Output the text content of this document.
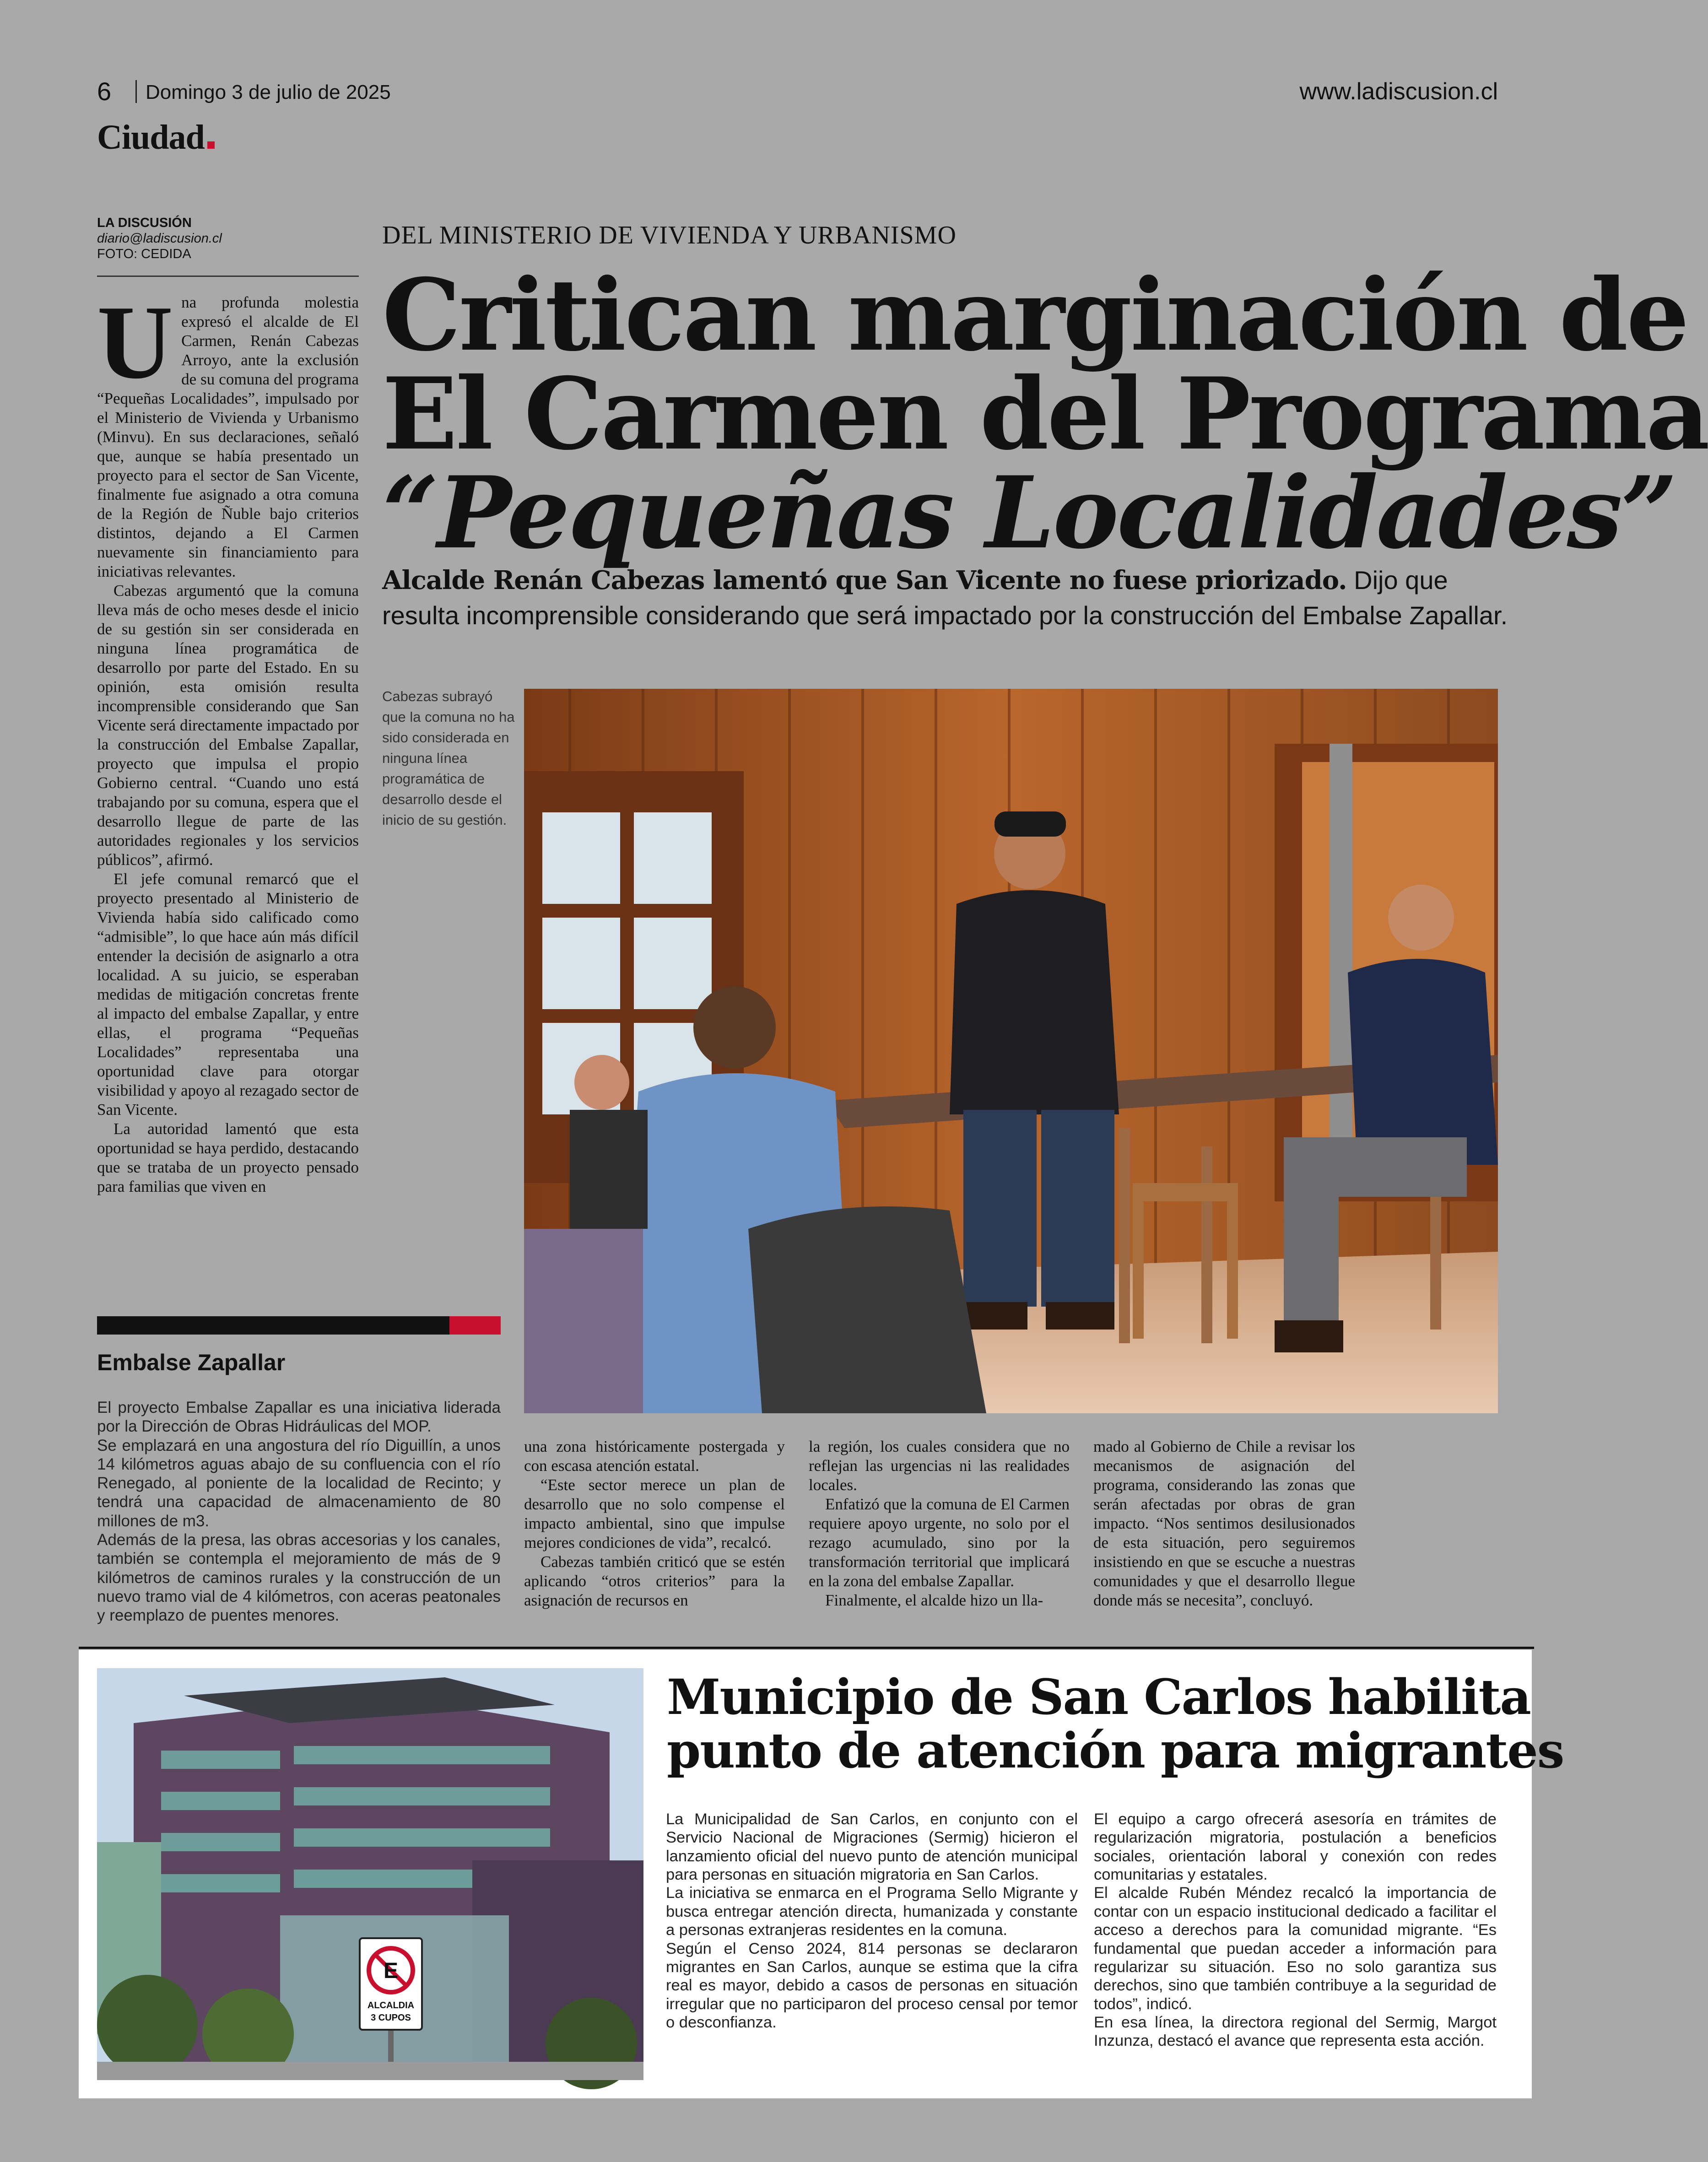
6 Domingo 3 de julio de 2025	www.ladiscusion.cl
Ciudad
LA DISCUSIÓN
diario@ladiscusion.cl
FOTO: CEDIDA

Una profunda molestia expresó el alcalde de El Carmen, Renán Cabezas Arroyo, ante la exclusión de su comuna del programa “Pequeñas Localidades”, impulsado por el Ministerio de Vivienda y Urbanismo (Minvu). En sus declaraciones, señaló que, aunque se había presentado un proyecto para el sector de San Vicente, finalmente fue asignado a otra comuna de la Región de Ñuble bajo criterios distintos, dejando a El Carmen nuevamente sin financiamiento para iniciativas relevantes.

Cabezas argumentó que la comuna lleva más de ocho meses desde el inicio de su gestión sin ser considerada en ninguna línea programática de desarrollo por parte del Estado. En su opinión, esta omisión resulta incomprensible considerando que San Vicente será directamente impactado por la construcción del Embalse Zapallar, proyecto que impulsa el propio Gobierno central. “Cuando uno está trabajando por su comuna, espera que el desarrollo llegue de parte de las autoridades regionales y los servicios públicos”, afirmó.

El jefe comunal remarcó que el proyecto presentado al Ministerio de Vivienda había sido calificado como “admisible”, lo que hace aún más difícil entender la decisión de asignarlo a otra localidad. A su juicio, se esperaban medidas de mitigación concretas frente al impacto del embalse Zapallar, y entre ellas, el programa “Pequeñas Localidades” representaba una oportunidad clave para otorgar visibilidad y apoyo al rezagado sector de San Vicente.

La autoridad lamentó que esta oportunidad se haya perdido, destacando que se trataba de un proyecto pensado para familias que viven en

DEL MINISTERIO DE VIVIENDA Y URBANISMO
Critican marginación de
El Carmen del Programa
“Pequeñas Localidades”
Alcalde Renán Cabezas lamentó que San Vicente no fuese priorizado. Dijo que resulta incomprensible considerando que será impactado por la construcción del Embalse Zapallar.
Cabezas subrayó que la comuna no ha sido considerada en ninguna línea programática de desarrollo desde el inicio de su gestión.

una zona históricamente postergada y con escasa atención estatal.

“Este sector merece un plan de desarrollo que no solo compense el impacto ambiental, sino que impulse mejores condiciones de vida”, recalcó.

Cabezas también criticó que se estén aplicando “otros criterios” para la asignación de recursos en

la región, los cuales considera que no reflejan las urgencias ni las realidades locales.

Enfatizó que la comuna de El Carmen requiere apoyo urgente, no solo por el rezago acumulado, sino por la transformación territorial que implicará en la zona del embalse Zapallar.

Finalmente, el alcalde hizo un lla-

mado al Gobierno de Chile a revisar los mecanismos de asignación del programa, considerando las zonas que serán afectadas por obras de gran impacto. “Nos sentimos desilusionados de esta situación, pero seguiremos insistiendo en que se escuche a nuestras comunidades y que el desarrollo llegue donde más se necesita”, concluyó.

Embalse Zapallar

El proyecto Embalse Zapallar es una iniciativa liderada por la Dirección de Obras Hidráulicas del MOP.

Se emplazará en una angostura del río Diguillín, a unos 14 kilómetros aguas abajo de su confluencia con el río Renegado, al poniente de la localidad de Recinto; y tendrá una capacidad de almacenamiento de 80 millones de m3.

Además de la presa, las obras accesorias y los canales, también se contempla el mejoramiento de más de 9 kilómetros de caminos rurales y la construcción de un nuevo tramo vial de 4 kilómetros, con aceras peatonales y reemplazo de puentes menores.

E
ALCALDIA
3 CUPOS
Municipio de San Carlos habilita
punto de atención para migrantes

La Municipalidad de San Carlos, en conjunto con el Servicio Nacional de Migraciones (Sermig) hicieron el lanzamiento oficial del nuevo punto de atención municipal para personas en situación migratoria en San Carlos.

La iniciativa se enmarca en el Programa Sello Migrante y busca entregar atención directa, humanizada y constante a personas extranjeras residentes en la comuna.

Según el Censo 2024, 814 personas se declararon migrantes en San Carlos, aunque se estima que la cifra real es mayor, debido a casos de personas en situación irregular que no participaron del proceso censal por temor o desconfianza.

El equipo a cargo ofrecerá asesoría en trámites de regularización migratoria, postulación a beneficios sociales, orientación laboral y conexión con redes comunitarias y estatales.

El alcalde Rubén Méndez recalcó la importancia de contar con un espacio institucional dedicado a facilitar el acceso a derechos para la comunidad migrante. “Es fundamental que puedan acceder a información para regularizar su situación. Eso no solo garantiza sus derechos, sino que también contribuye a la seguridad de todos”, indicó.

En esa línea, la directora regional del Sermig, Margot Inzunza, destacó el avance que representa esta acción.
